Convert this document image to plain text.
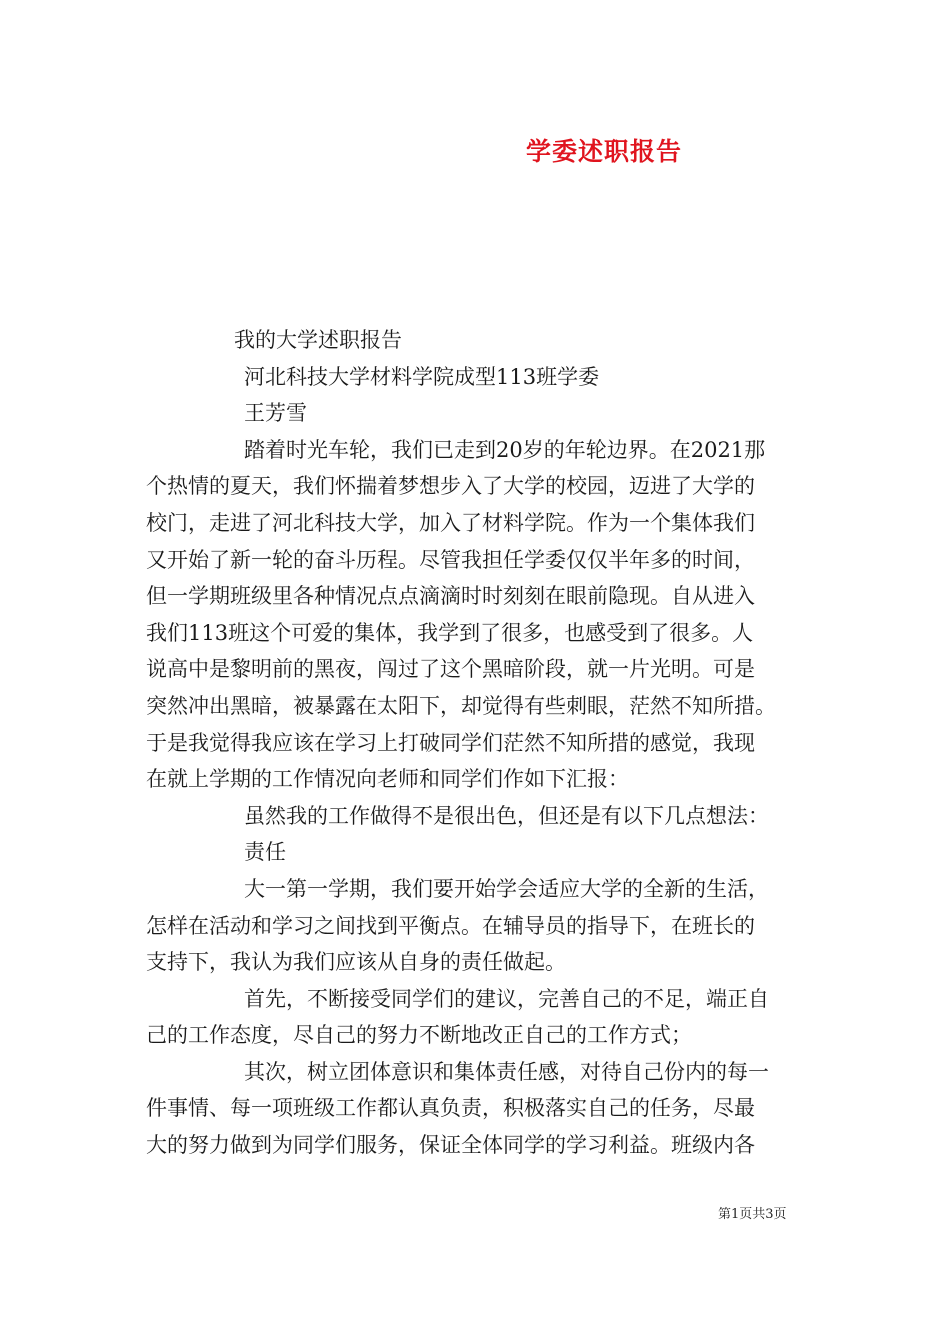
学委述职报告
我的大学述职报告
河北科技大学材料学院成型113班学委
王芳雪
踏着时光车轮，我们已走到20岁的年轮边界。在2021那
个热情的夏天，我们怀揣着梦想步入了大学的校园，迈进了大学的
校门，走进了河北科技大学，加入了材料学院。作为一个集体我们
又开始了新一轮的奋斗历程。尽管我担任学委仅仅半年多的时间，
但一学期班级里各种情况点点滴滴时时刻刻在眼前隐现。自从进入
我们113班这个可爱的集体，我学到了很多，也感受到了很多。人
说高中是黎明前的黑夜，闯过了这个黑暗阶段，就一片光明。可是
突然冲出黑暗，被暴露在太阳下，却觉得有些刺眼，茫然不知所措。
于是我觉得我应该在学习上打破同学们茫然不知所措的感觉，我现
在就上学期的工作情况向老师和同学们作如下汇报：
虽然我的工作做得不是很出色，但还是有以下几点想法：
责任
大一第一学期，我们要开始学会适应大学的全新的生活，
怎样在活动和学习之间找到平衡点。在辅导员的指导下，在班长的
支持下，我认为我们应该从自身的责任做起。
首先，不断接受同学们的建议，完善自己的不足，端正自
己的工作态度，尽自己的努力不断地改正自己的工作方式；
其次，树立团体意识和集体责任感，对待自己份内的每一
件事情、每一项班级工作都认真负责，积极落实自己的任务，尽最
大的努力做到为同学们服务，保证全体同学的学习利益。班级内各
第1页共3页
